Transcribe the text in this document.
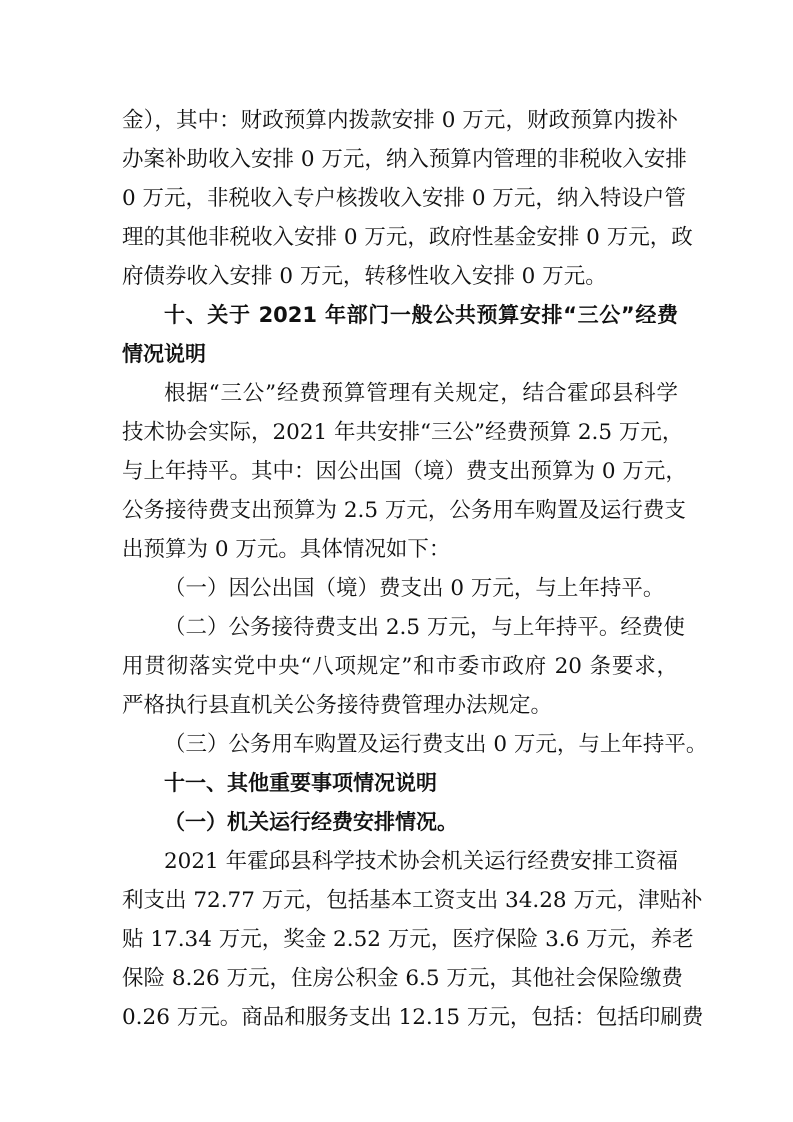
金），其中：财政预算内拨款安排 0 万元，财政预算内拨补
办案补助收入安排 0 万元，纳入预算内管理的非税收入安排
0 万元，非税收入专户核拨收入安排 0 万元，纳入特设户管
理的其他非税收入安排 0 万元，政府性基金安排 0 万元，政
府债券收入安排 0 万元，转移性收入安排 0 万元。
十、关于 2021 年部门一般公共预算安排“三公”经费
情况说明
根据“三公”经费预算管理有关规定，结合霍邱县科学
技术协会实际，2021 年共安排“三公”经费预算 2.5 万元，
与上年持平。其中：因公出国（境）费支出预算为 0 万元，
公务接待费支出预算为 2.5 万元，公务用车购置及运行费支
出预算为 0 万元。具体情况如下：
（一）因公出国（境）费支出 0 万元，与上年持平。
（二）公务接待费支出 2.5 万元，与上年持平。经费使
用贯彻落实党中央“八项规定”和市委市政府 20 条要求，
严格执行县直机关公务接待费管理办法规定。
（三）公务用车购置及运行费支出 0 万元，与上年持平。
十一、其他重要事项情况说明
（一）机关运行经费安排情况。
2021 年霍邱县科学技术协会机关运行经费安排工资福
利支出 72.77 万元，包括基本工资支出 34.28 万元，津贴补
贴 17.34 万元，奖金 2.52 万元，医疗保险 3.6 万元，养老
保险 8.26 万元，住房公积金 6.5 万元，其他社会保险缴费
0.26 万元。商品和服务支出 12.15 万元，包括：包括印刷费
